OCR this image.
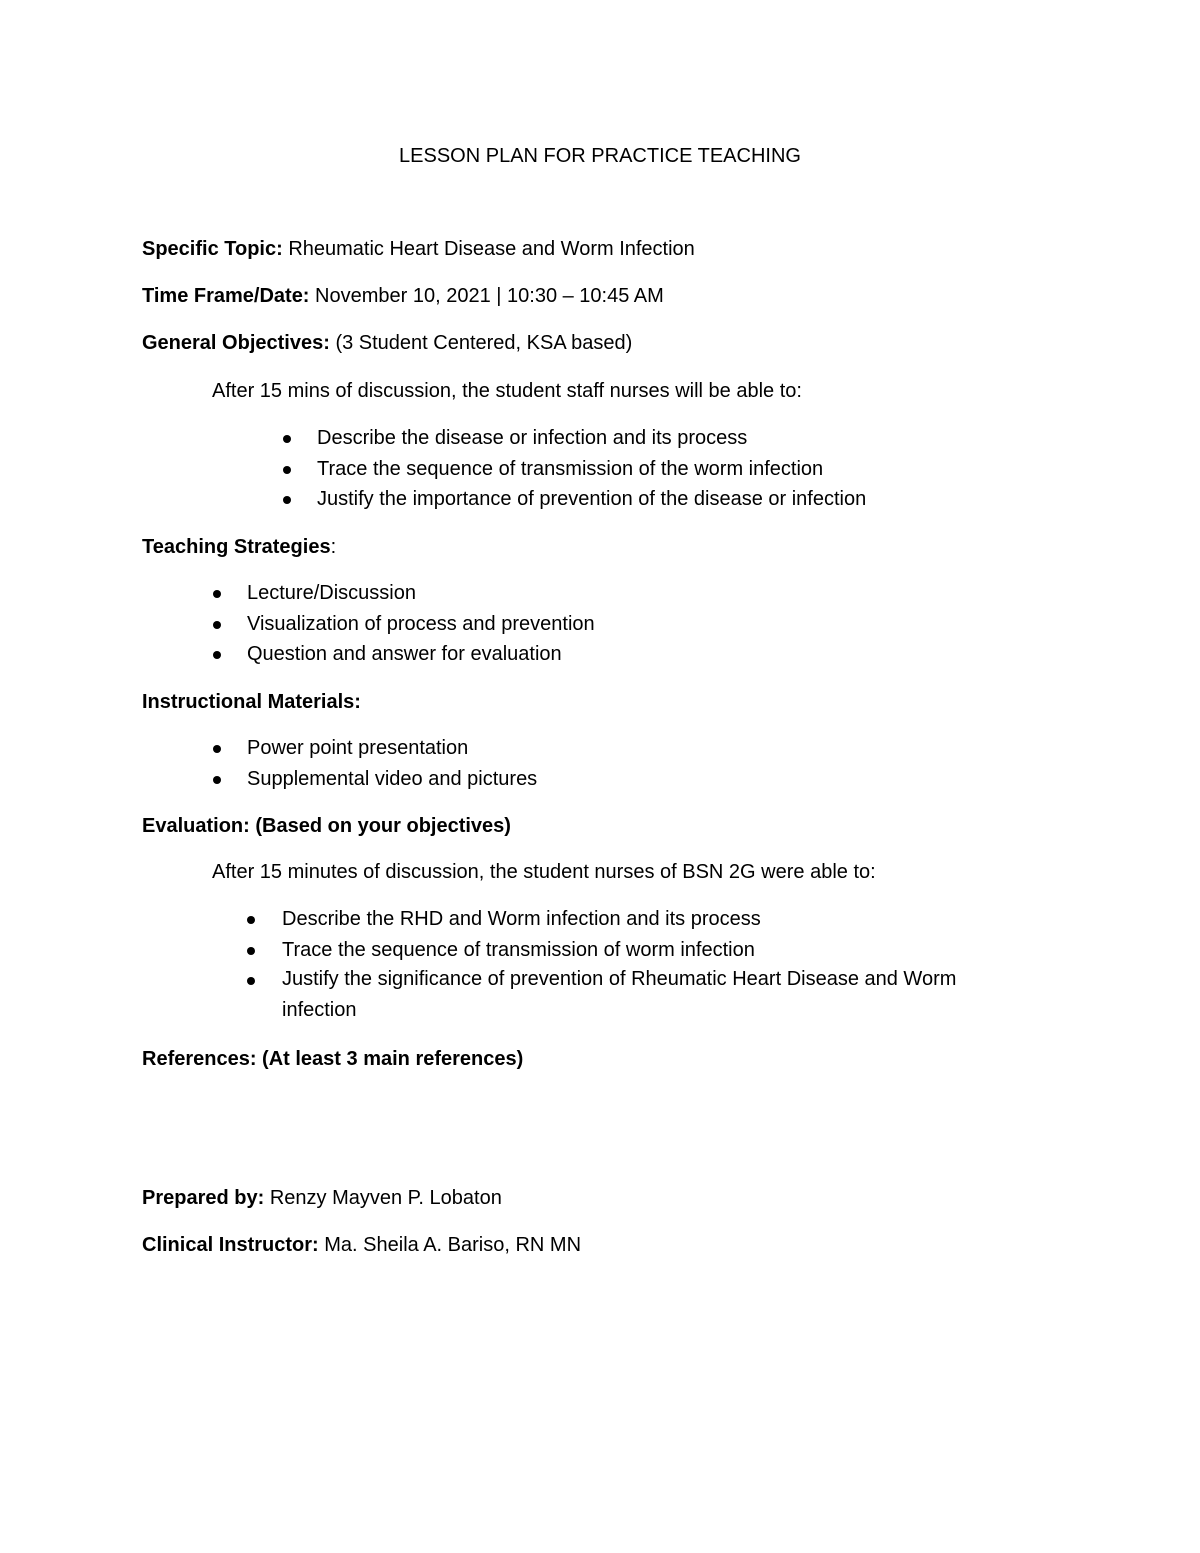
LESSON PLAN FOR PRACTICE TEACHING
Specific Topic: Rheumatic Heart Disease and Worm Infection
Time Frame/Date: November 10, 2021 | 10:30 – 10:45 AM
General Objectives: (3 Student Centered, KSA based)
After 15 mins of discussion, the student staff nurses will be able to:
Describe the disease or infection and its process
Trace the sequence of transmission of the worm infection
Justify the importance of prevention of the disease or infection
Teaching Strategies:
Lecture/Discussion
Visualization of process and prevention
Question and answer for evaluation
Instructional Materials:
Power point presentation
Supplemental video and pictures
Evaluation: (Based on your objectives)
After 15 minutes of discussion, the student nurses of BSN 2G were able to:
Describe the RHD and Worm infection and its process
Trace the sequence of transmission of worm infection
Justify the significance of prevention of Rheumatic Heart Disease and Worm infection
References: (At least 3 main references)
Prepared by: Renzy Mayven P. Lobaton
Clinical Instructor: Ma. Sheila A. Bariso, RN MN
